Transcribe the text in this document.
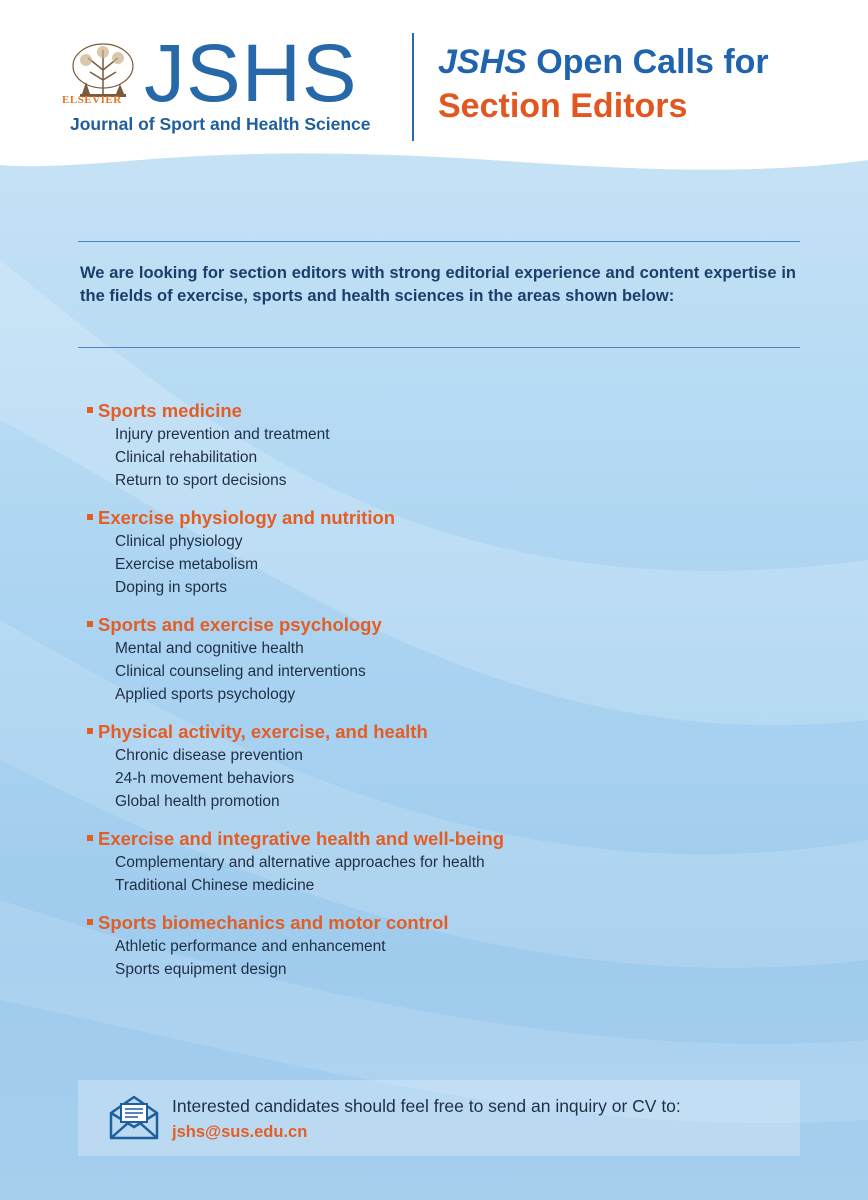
ELSEVIER JSHS
Journal of Sport and Health Science
JSHS Open Calls for
Section Editors
We are looking for section editors with strong editorial experience and content expertise in the fields of exercise, sports and health sciences in the areas shown below:
Sports medicine
Injury prevention and treatment
Clinical rehabilitation
Return to sport decisions
Exercise physiology and nutrition
Clinical physiology
Exercise metabolism
Doping in sports
Sports and exercise psychology
Mental and cognitive health
Clinical counseling and interventions
Applied sports psychology
Physical activity, exercise, and health
Chronic disease prevention
24-h movement behaviors
Global health promotion
Exercise and integrative health and well-being
Complementary and alternative approaches for health
Traditional Chinese medicine
Sports biomechanics and motor control
Athletic performance and enhancement
Sports equipment design
Interested candidates should feel free to send an inquiry or CV to:
jshs@sus.edu.cn
